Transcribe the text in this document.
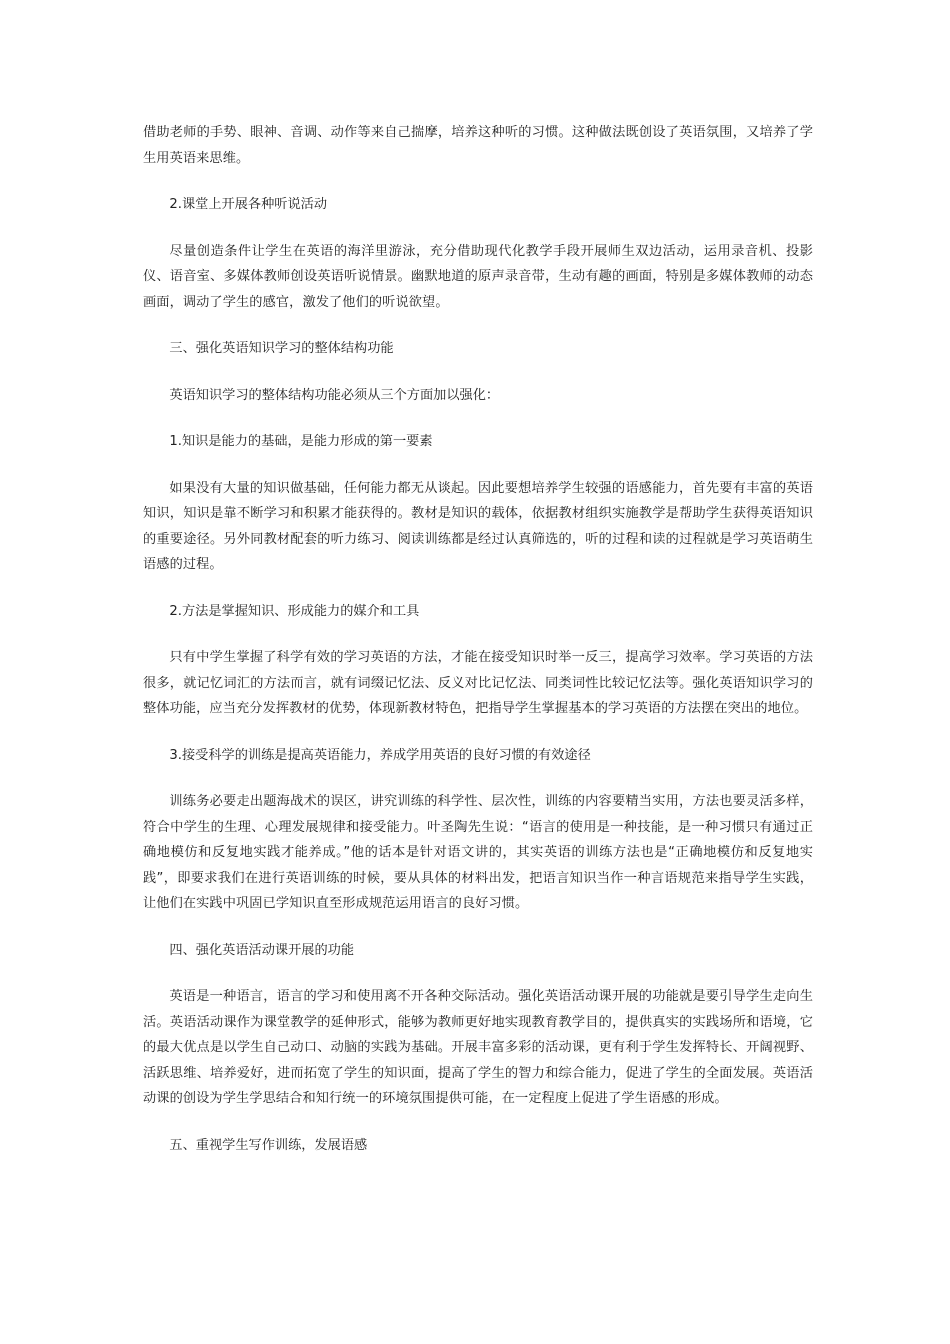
借助老师的手势、眼神、音调、动作等来自己揣摩，培养这种听的习惯。这种做法既创设了英语氛围，又培养了学生用英语来思维。

2.课堂上开展各种听说活动

尽量创造条件让学生在英语的海洋里游泳，充分借助现代化教学手段开展师生双边活动，运用录音机、投影仪、语音室、多媒体教师创设英语听说情景。幽默地道的原声录音带，生动有趣的画面，特别是多媒体教师的动态画面，调动了学生的感官，激发了他们的听说欲望。

三、强化英语知识学习的整体结构功能

英语知识学习的整体结构功能必须从三个方面加以强化：

1.知识是能力的基础，是能力形成的第一要素

如果没有大量的知识做基础，任何能力都无从谈起。因此要想培养学生较强的语感能力，首先要有丰富的英语知识，知识是靠不断学习和积累才能获得的。教材是知识的载体，依据教材组织实施教学是帮助学生获得英语知识的重要途径。另外同教材配套的听力练习、阅读训练都是经过认真筛选的，听的过程和读的过程就是学习英语萌生语感的过程。

2.方法是掌握知识、形成能力的媒介和工具

只有中学生掌握了科学有效的学习英语的方法，才能在接受知识时举一反三，提高学习效率。学习英语的方法很多，就记忆词汇的方法而言，就有词缀记忆法、反义对比记忆法、同类词性比较记忆法等。强化英语知识学习的整体功能，应当充分发挥教材的优势，体现新教材特色，把指导学生掌握基本的学习英语的方法摆在突出的地位。

3.接受科学的训练是提高英语能力，养成学用英语的良好习惯的有效途径

训练务必要走出题海战术的误区，讲究训练的科学性、层次性，训练的内容要精当实用，方法也要灵活多样，符合中学生的生理、心理发展规律和接受能力。叶圣陶先生说：“语言的使用是一种技能，是一种习惯只有通过正确地模仿和反复地实践才能养成。”他的话本是针对语文讲的，其实英语的训练方法也是“正确地模仿和反复地实践”，即要求我们在进行英语训练的时候，要从具体的材料出发，把语言知识当作一种言语规范来指导学生实践，让他们在实践中巩固已学知识直至形成规范运用语言的良好习惯。

四、强化英语活动课开展的功能

英语是一种语言，语言的学习和使用离不开各种交际活动。强化英语活动课开展的功能就是要引导学生走向生活。英语活动课作为课堂教学的延伸形式，能够为教师更好地实现教育教学目的，提供真实的实践场所和语境，它的最大优点是以学生自己动口、动脑的实践为基础。开展丰富多彩的活动课，更有利于学生发挥特长、开阔视野、活跃思维、培养爱好，进而拓宽了学生的知识面，提高了学生的智力和综合能力，促进了学生的全面发展。英语活动课的创设为学生学思结合和知行统一的环境氛围提供可能，在一定程度上促进了学生语感的形成。

五、重视学生写作训练，发展语感
